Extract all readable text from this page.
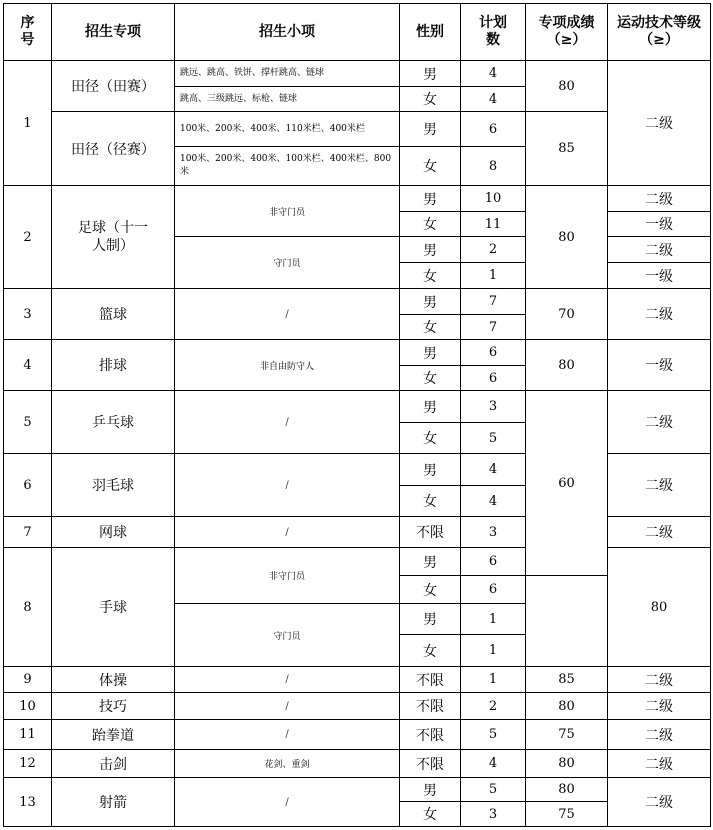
序号	招生专项	招生小项	性别	计划数	专项成绩（≥）	运动技术等级（≥）	
1	田径（田赛）	跳远、跳高、铁饼、撑杆跳高、链球	男	4	80	二级	
		跳高、三级跳远、标枪、链球	女	4			
	田径（径赛）	100米、200米、400米、110米栏、400米栏	男	6	85		
		100米、200米、400米、100米栏、400米栏、800米	女	8			
2	足球（十一人制）	非守门员	男	10	80	二级	
			女	11		一级	
		守门员	男	2		二级	
			女	1		一级	
3	篮球	/	男	7	70	二级	
			女	7			
4	排球	非自由防守人	男	6	80	一级	
			女	6			
5	乒乓球	/	男	3	60	二级	
			女	5			
6	羽毛球	/	男	4		二级	
			女	4			
7	网球	/	不限	3		二级	
8	手球	非守门员	男	6		80	
			女	6			
		守门员	男	1			
			女	1			
9	体操	/	不限	1	85	二级	
10	技巧	/	不限	2	80	二级	
11	跆拳道	/	不限	5	75	二级	
12	击剑	花剑、重剑	不限	4	80	二级	
13	射箭	/	男	5	80	二级	
			女	3	75		
